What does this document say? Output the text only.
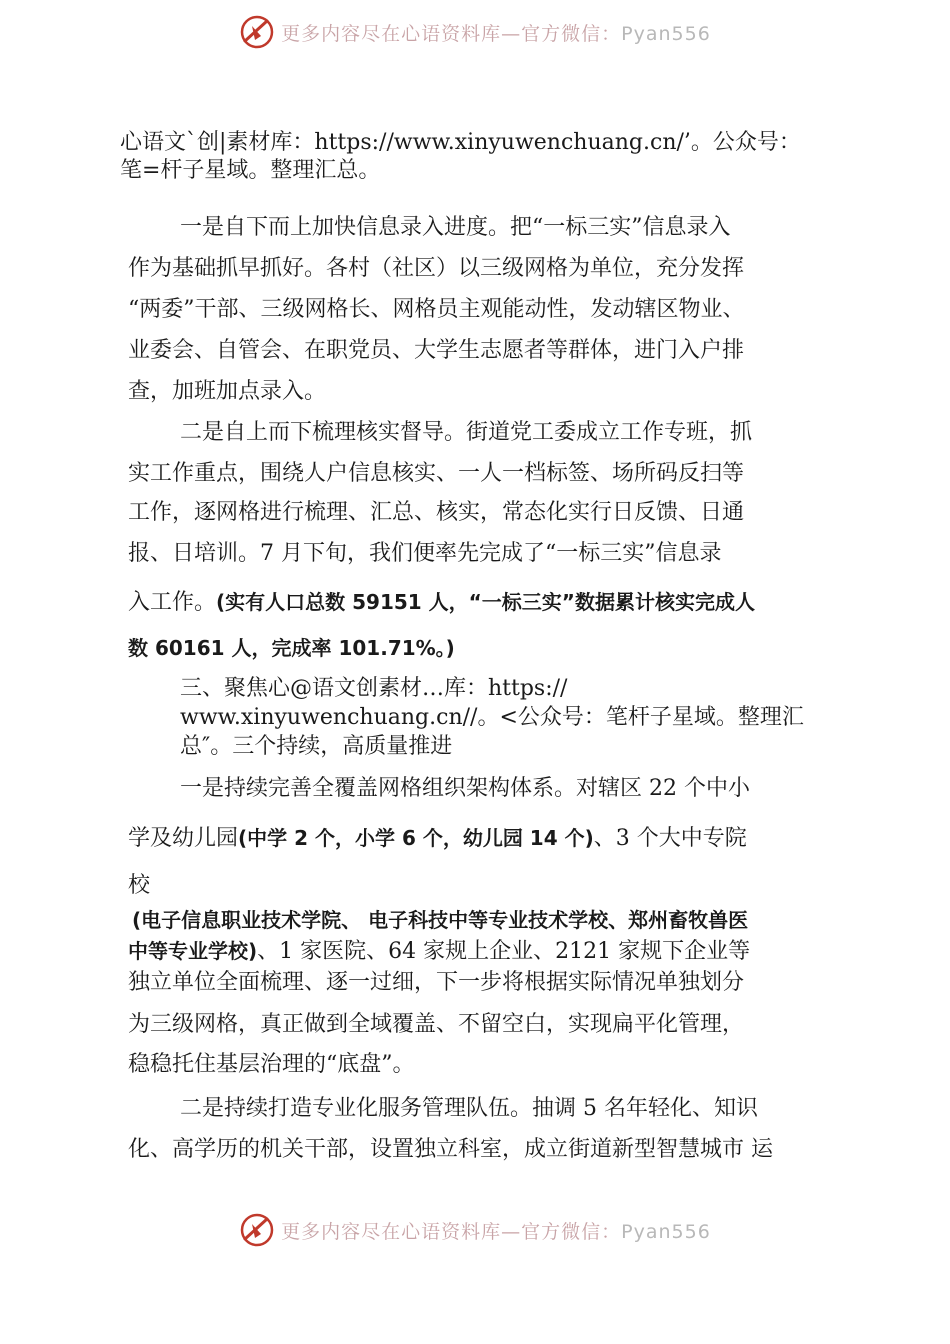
更多内容尽在心语资料库—官方微信：Pyan556
心语文`创|素材库：https://www.xinyuwenchuang.cn/’。公众号：
笔=杆子星域。整理汇总。
一是自下而上加快信息录入进度。把“一标三实”信息录入
作为基础抓早抓好。各村（社区）以三级网格为单位，充分发挥
“两委”干部、三级网格长、网格员主观能动性，发动辖区物业、
业委会、自管会、在职党员、大学生志愿者等群体，进门入户排
查，加班加点录入。
二是自上而下梳理核实督导。街道党工委成立工作专班，抓
实工作重点，围绕人户信息核实、一人一档标签、场所码反扫等
工作，逐网格进行梳理、汇总、核实，常态化实行日反馈、日通
报、日培训。7 月下旬，我们便率先完成了“一标三实”信息录
入工作。(实有人口总数 59151 人，“一标三实”数据累计核实完成人
数 60161 人，完成率 101.71%。)
三、聚焦心@语文创素材…库：https://
www.xinyuwenchuang.cn//。<公众号：笔杆子星域。整理汇
总″。三个持续，高质量推进
一是持续完善全覆盖网格组织架构体系。对辖区 22 个中小
学及幼儿园(中学 2 个，小学 6 个，幼儿园 14 个)、3 个大中专院
校
(电子信息职业技术学院、 电子科技中等专业技术学校、郑州畜牧兽医
中等专业学校)、1 家医院、64 家规上企业、2121 家规下企业等
独立单位全面梳理、逐一过细，下一步将根据实际情况单独划分
为三级网格，真正做到全域覆盖、不留空白，实现扁平化管理，
稳稳托住基层治理的“底盘”。
二是持续打造专业化服务管理队伍。抽调 5 名年轻化、知识
化、高学历的机关干部，设置独立科室，成立街道新型智慧城市 运
更多内容尽在心语资料库—官方微信：Pyan556
